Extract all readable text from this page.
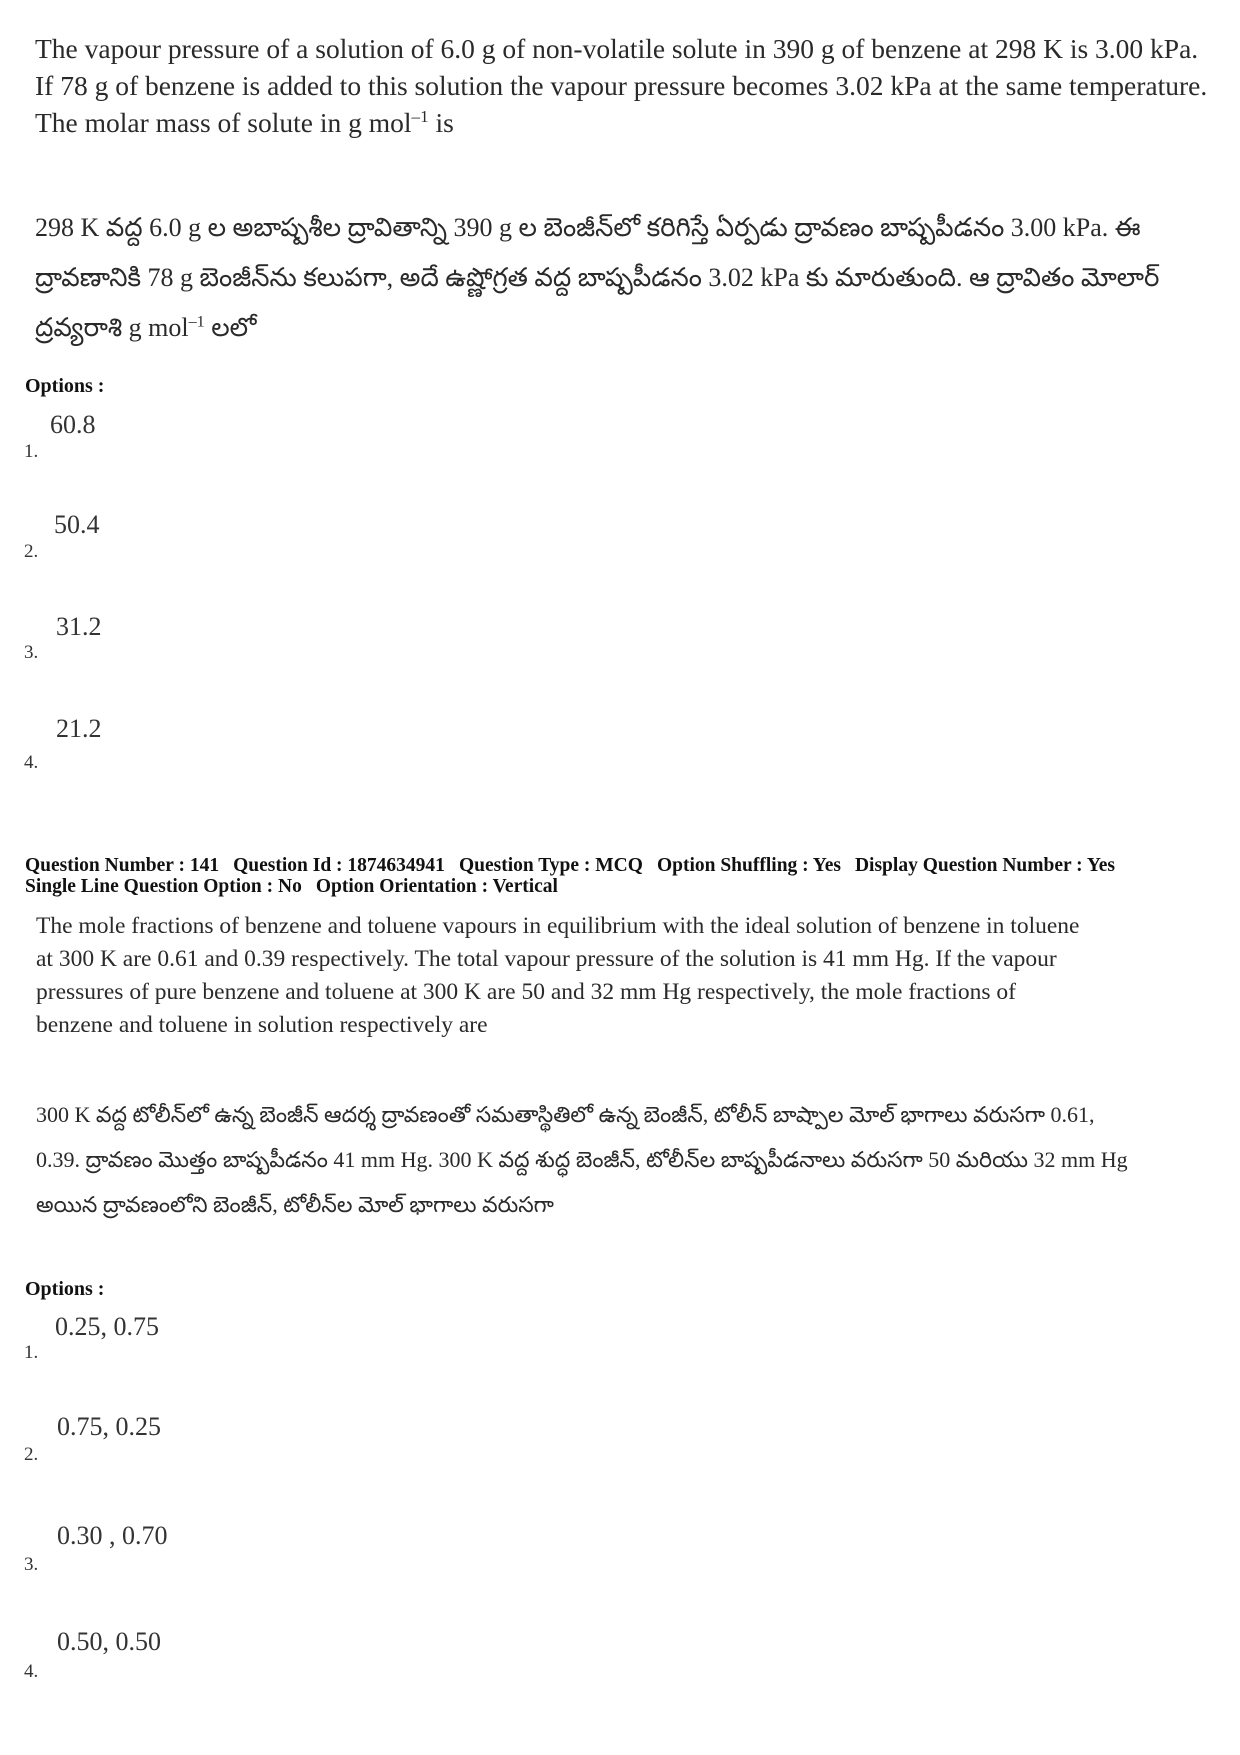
The vapour pressure of a solution of 6.0 g of non-volatile solute in 390 g of benzene at 298 K is 3.00 kPa. If 78 g of benzene is added to this solution the vapour pressure becomes 3.02 kPa at the same temperature. The molar mass of solute in g mol$^{-1}$ is
298 K వద్ద 6.0 g ల అబాష్పశీల ద్రావితాన్ని 390 g ల బెంజీన్‌లో కరిగిస్తే ఏర్పడు ద్రావణం బాష్పపీడనం 3.00 kPa. ఈ ద్రావణానికి 78 g బెంజీన్‌ను కలుపగా, అదే ఉష్ణోగ్రత వద్ద బాష్పపీడనం 3.02 kPa కు మారుతుంది. ఆ ద్రావితం మోలార్ ద్రవ్యరాశి g mol$^{-1}$ లలో
Options :
60.8
1.
50.4
2.
31.2
3.
21.2
4.
Question Number : 141 Question Id : 1874634941 Question Type : MCQ Option Shuffling : Yes Display Question Number : Yes
Single Line Question Option : No Option Orientation : Vertical
The mole fractions of benzene and toluene vapours in equilibrium with the ideal solution of benzene in toluene at 300 K are 0.61 and 0.39 respectively. The total vapour pressure of the solution is 41 mm Hg. If the vapour pressures of pure benzene and toluene at 300 K are 50 and 32 mm Hg respectively, the mole fractions of benzene and toluene in solution respectively are
300 K వద్ద టోలీన్‌లో ఉన్న బెంజీన్ ఆదర్శ ద్రావణంతో సమతాస్థితిలో ఉన్న బెంజీన్, టోలీన్ బాష్పాల మోల్ భాగాలు వరుసగా 0.61, 0.39. ద్రావణం మొత్తం బాష్పపీడనం 41 mm Hg. 300 K వద్ద శుద్ధ బెంజీన్, టోలీన్‌ల బాష్పపీడనాలు వరుసగా 50 మరియు 32 mm Hg అయిన ద్రావణంలోని బెంజీన్, టోలీన్‌ల మోల్ భాగాలు వరుసగా
Options :
0.25, 0.75
1.
0.75, 0.25
2.
0.30 , 0.70
3.
0.50, 0.50
4.
